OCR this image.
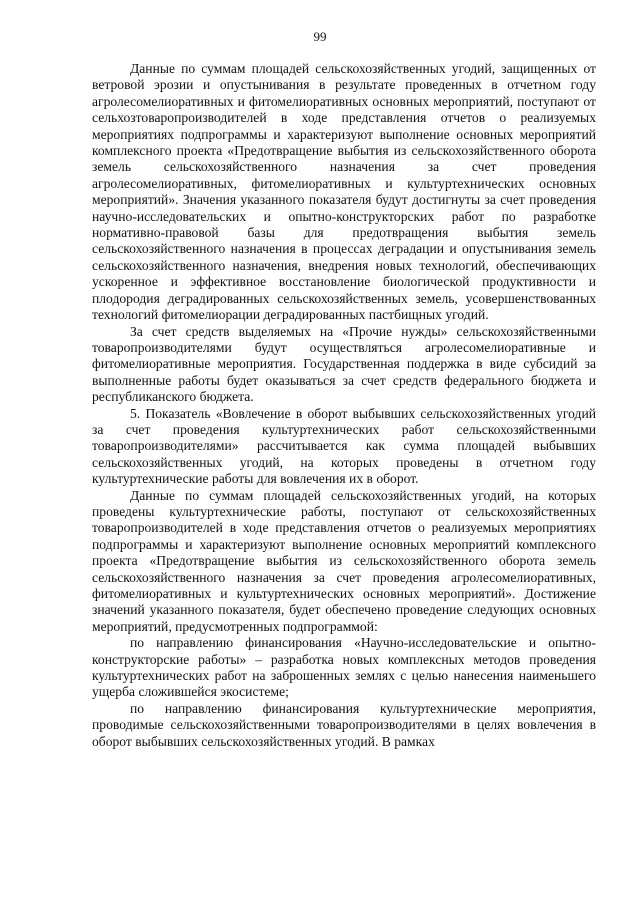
99

Данные по суммам площадей сельскохозяйственных угодий, защищенных от ветровой эрозии и опустынивания в результате проведенных в отчетном году агролесомелиоративных и фитомелиоративных основных мероприятий, поступают от сельхозтоваропроизводителей в ходе представления отчетов о реализуемых мероприятиях подпрограммы и характеризуют выполнение основных мероприятий комплексного проекта «Предотвращение выбытия из сельскохозяйственного оборота земель сельскохозяйственного назначения за счет проведения агролесомелиоративных, фитомелиоративных и культуртехнических основных мероприятий». Значения указанного показателя будут достигнуты за счет проведения научно-исследовательских и опытно-конструкторских работ по разработке нормативно-правовой базы для предотвращения выбытия земель сельскохозяйственного назначения в процессах деградации и опустынивания земель сельскохозяйственного назначения, внедрения новых технологий, обеспечивающих ускоренное и эффективное восстановление биологической продуктивности и плодородия деградированных сельскохозяйственных земель, усовершенствованных технологий фитомелиорации деградированных пастбищных угодий.

За счет средств выделяемых на «Прочие нужды» сельскохозяйственными товаропроизводителями будут осуществляться агролесомелиоративные и фитомелиоративные мероприятия. Государственная поддержка в виде субсидий за выполненные работы будет оказываться за счет средств федерального бюджета и республиканского бюджета.

5. Показатель «Вовлечение в оборот выбывших сельскохозяйственных угодий за счет проведения культуртехнических работ сельскохозяйственными товаропроизводителями» рассчитывается как сумма площадей выбывших сельскохозяйственных угодий, на которых проведены в отчетном году культуртехнические работы для вовлечения их в оборот.

Данные по суммам площадей сельскохозяйственных угодий, на которых проведены культуртехнические работы, поступают от сельскохозяйственных товаропроизводителей в ходе представления отчетов о реализуемых мероприятиях подпрограммы и характеризуют выполнение основных мероприятий комплексного проекта «Предотвращение выбытия из сельскохозяйственного оборота земель сельскохозяйственного назначения за счет проведения агролесомелиоративных, фитомелиоративных и культуртехнических основных мероприятий». Достижение значений указанного показателя, будет обеспечено проведение следующих основных мероприятий, предусмотренных подпрограммой:

по направлению финансирования «Научно-исследовательские и опытно-конструкторские работы» – разработка новых комплексных методов проведения культуртехнических работ на заброшенных землях с целью нанесения наименьшего ущерба сложившейся экосистеме;

по направлению финансирования культуртехнические мероприятия, проводимые сельскохозяйственными товаропроизводителями в целях вовлечения в оборот выбывших сельскохозяйственных угодий. В рамках
